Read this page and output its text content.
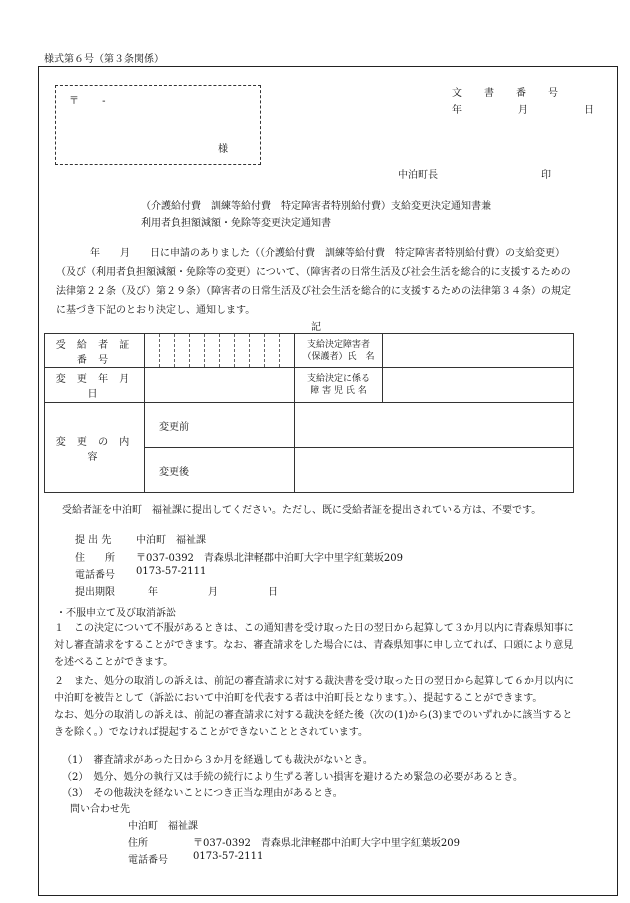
様式第６号（第３条関係）
〒　　 -
様
文　書　番　号
年　　月　　日
中泊町長	印
（介護給付費　訓練等給付費　特定障害者特別給付費）支給変更決定通知書兼
利用者負担額減額・免除等変更決定通知書
年　　月　　日に申請のありました（（介護給付費　訓練等給付費　特定障害者特別給付費）の支給変更）（及び（利用者負担額減額・免除等の変更）について、（障害者の日常生活及び社会生活を総合的に支援するための法律第２２条（及び）第２９条）（障害者の日常生活及び社会生活を総合的に支援するための法律第３４条）の規定に基づき下記のとおり決定し、通知します。
記
受 給 者 証 番 号		支給決定障害者
（保護者）氏　名	

変 更 年 月 日		支給決定に係る
障 害 児 氏 名	

変 更 の 内 容	変更前		
	変更後		
受給者証を中泊町　福祉課に提出してください。ただし、既に受給者証を提出されている方は、不要です。
提 出 先 中泊町　福祉課
住　　所 〒037-0392　青森県北津軽郡中泊町大字中里字紅葉坂209
電話番号 0173-57-2111
提出期限	年　　月　　日
・不服申立て及び取消訴訟
１　この決定について不服があるときは、この通知書を受け取った日の翌日から起算して３か月以内に青森県知事に対し審査請求をすることができます。なお、審査請求をした場合には、青森県知事に申し立てれば、口頭により意見を述べることができます。
２　また、処分の取消しの訴えは、前記の審査請求に対する裁決書を受け取った日の翌日から起算して６か月以内に中泊町を被告として（訴訟において中泊町を代表する者は中泊町長となります。）、提起することができます。
なお、処分の取消しの訴えは、前記の審査請求に対する裁決を経た後（次の(1)から(3)までのいずれかに該当するときを除く。）でなければ提起することができないこととされています。
（1）　審査請求があった日から３か月を経過しても裁決がないとき。
（2）　処分、処分の執行又は手続の続行により生ずる著しい損害を避けるため緊急の必要があるとき。
（3）　その他裁決を経ないことにつき正当な理由があるとき。
問い合わせ先
中泊町　福祉課
住所	〒037-0392　青森県北津軽郡中泊町大字中里字紅葉坂209
電話番号	0173-57-2111
